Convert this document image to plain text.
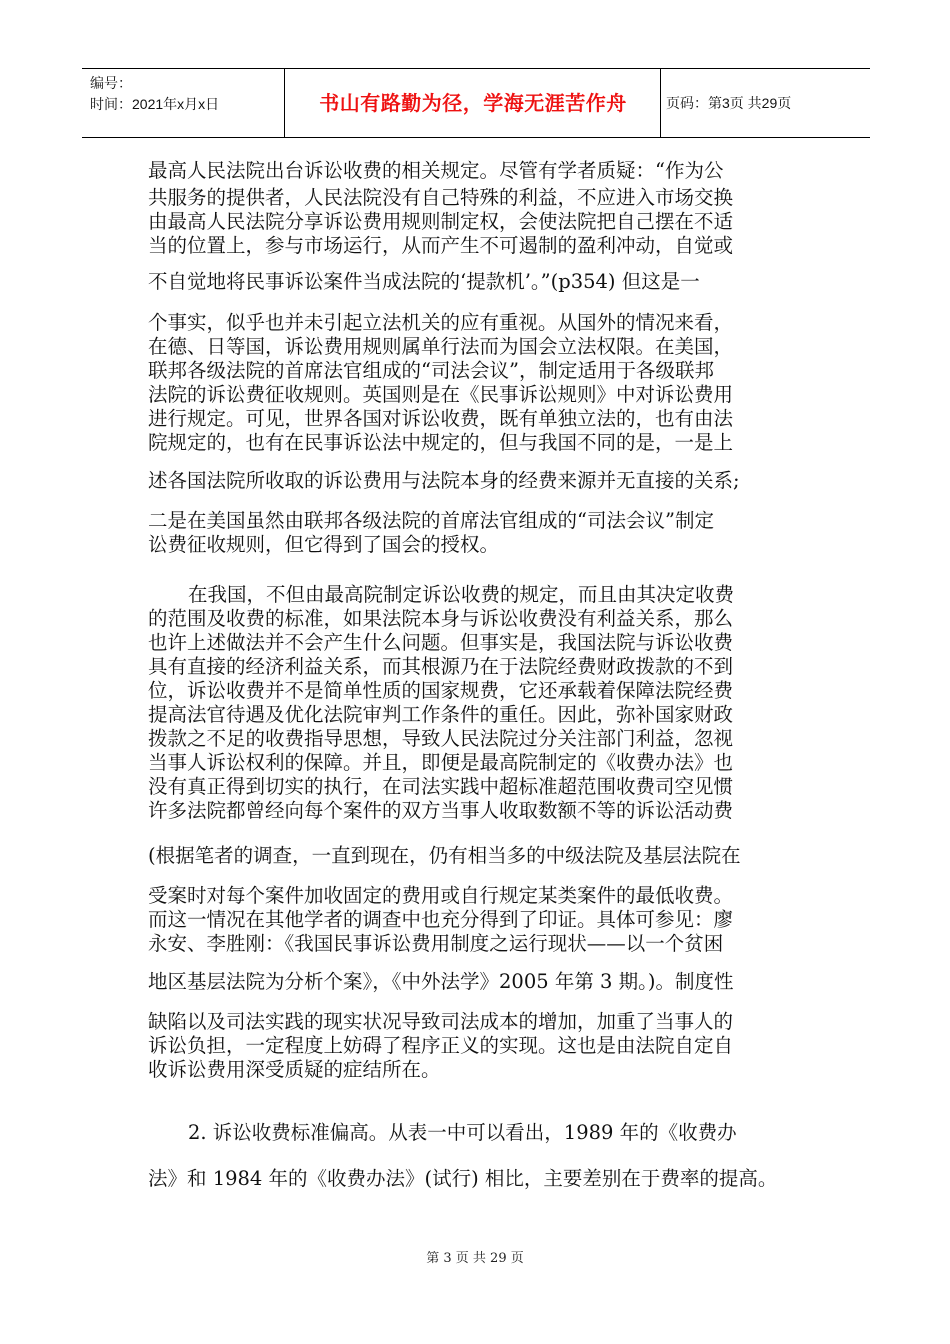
编号：
时间：2021年x月x日	书山有路勤为径，学海无涯苦作舟	页码：第3页 共29页
最高人民法院出台诉讼收费的相关规定。尽管有学者质疑：“作为公
共服务的提供者，人民法院没有自己特殊的利益，不应进入市场交换
由最高人民法院分享诉讼费用规则制定权，会使法院把自己摆在不适
当的位置上，参与市场运行，从而产生不可遏制的盈利冲动，自觉或
不自觉地将民事诉讼案件当成法院的‘提款机’。”(p354) 但这是一
个事实，似乎也并未引起立法机关的应有重视。从国外的情况来看，
在德、日等国，诉讼费用规则属单行法而为国会立法权限。在美国，
联邦各级法院的首席法官组成的“司法会议”，制定适用于各级联邦
法院的诉讼费征收规则。英国则是在《民事诉讼规则》中对诉讼费用
进行规定。可见，世界各国对诉讼收费，既有单独立法的，也有由法
院规定的，也有在民事诉讼法中规定的，但与我国不同的是，一是上
述各国法院所收取的诉讼费用与法院本身的经费来源并无直接的关系;
二是在美国虽然由联邦各级法院的首席法官组成的“司法会议”制定
讼费征收规则，但它得到了国会的授权。
在我国，不但由最高院制定诉讼收费的规定，而且由其决定收费
的范围及收费的标准，如果法院本身与诉讼收费没有利益关系，那么
也许上述做法并不会产生什么问题。但事实是，我国法院与诉讼收费
具有直接的经济利益关系，而其根源乃在于法院经费财政拨款的不到
位，诉讼收费并不是简单性质的国家规费，它还承载着保障法院经费
提高法官待遇及优化法院审判工作条件的重任。因此，弥补国家财政
拨款之不足的收费指导思想，导致人民法院过分关注部门利益，忽视
当事人诉讼权利的保障。并且，即便是最高院制定的《收费办法》也
没有真正得到切实的执行，在司法实践中超标准超范围收费司空见惯
许多法院都曾经向每个案件的双方当事人收取数额不等的诉讼活动费
(根据笔者的调查，一直到现在，仍有相当多的中级法院及基层法院在
受案时对每个案件加收固定的费用或自行规定某类案件的最低收费。
而这一情况在其他学者的调查中也充分得到了印证。具体可参见：廖
永安、李胜刚：《我国民事诉讼费用制度之运行现状——以一个贫困
地区基层法院为分析个案》，《中外法学》2005 年第 3 期。)。制度性
缺陷以及司法实践的现实状况导致司法成本的增加，加重了当事人的
诉讼负担，一定程度上妨碍了程序正义的实现。这也是由法院自定自
收诉讼费用深受质疑的症结所在。
2. 诉讼收费标准偏高。从表一中可以看出，1989 年的《收费办
法》和 1984 年的《收费办法》(试行) 相比，主要差别在于费率的提高。
第 3 页 共 29 页
